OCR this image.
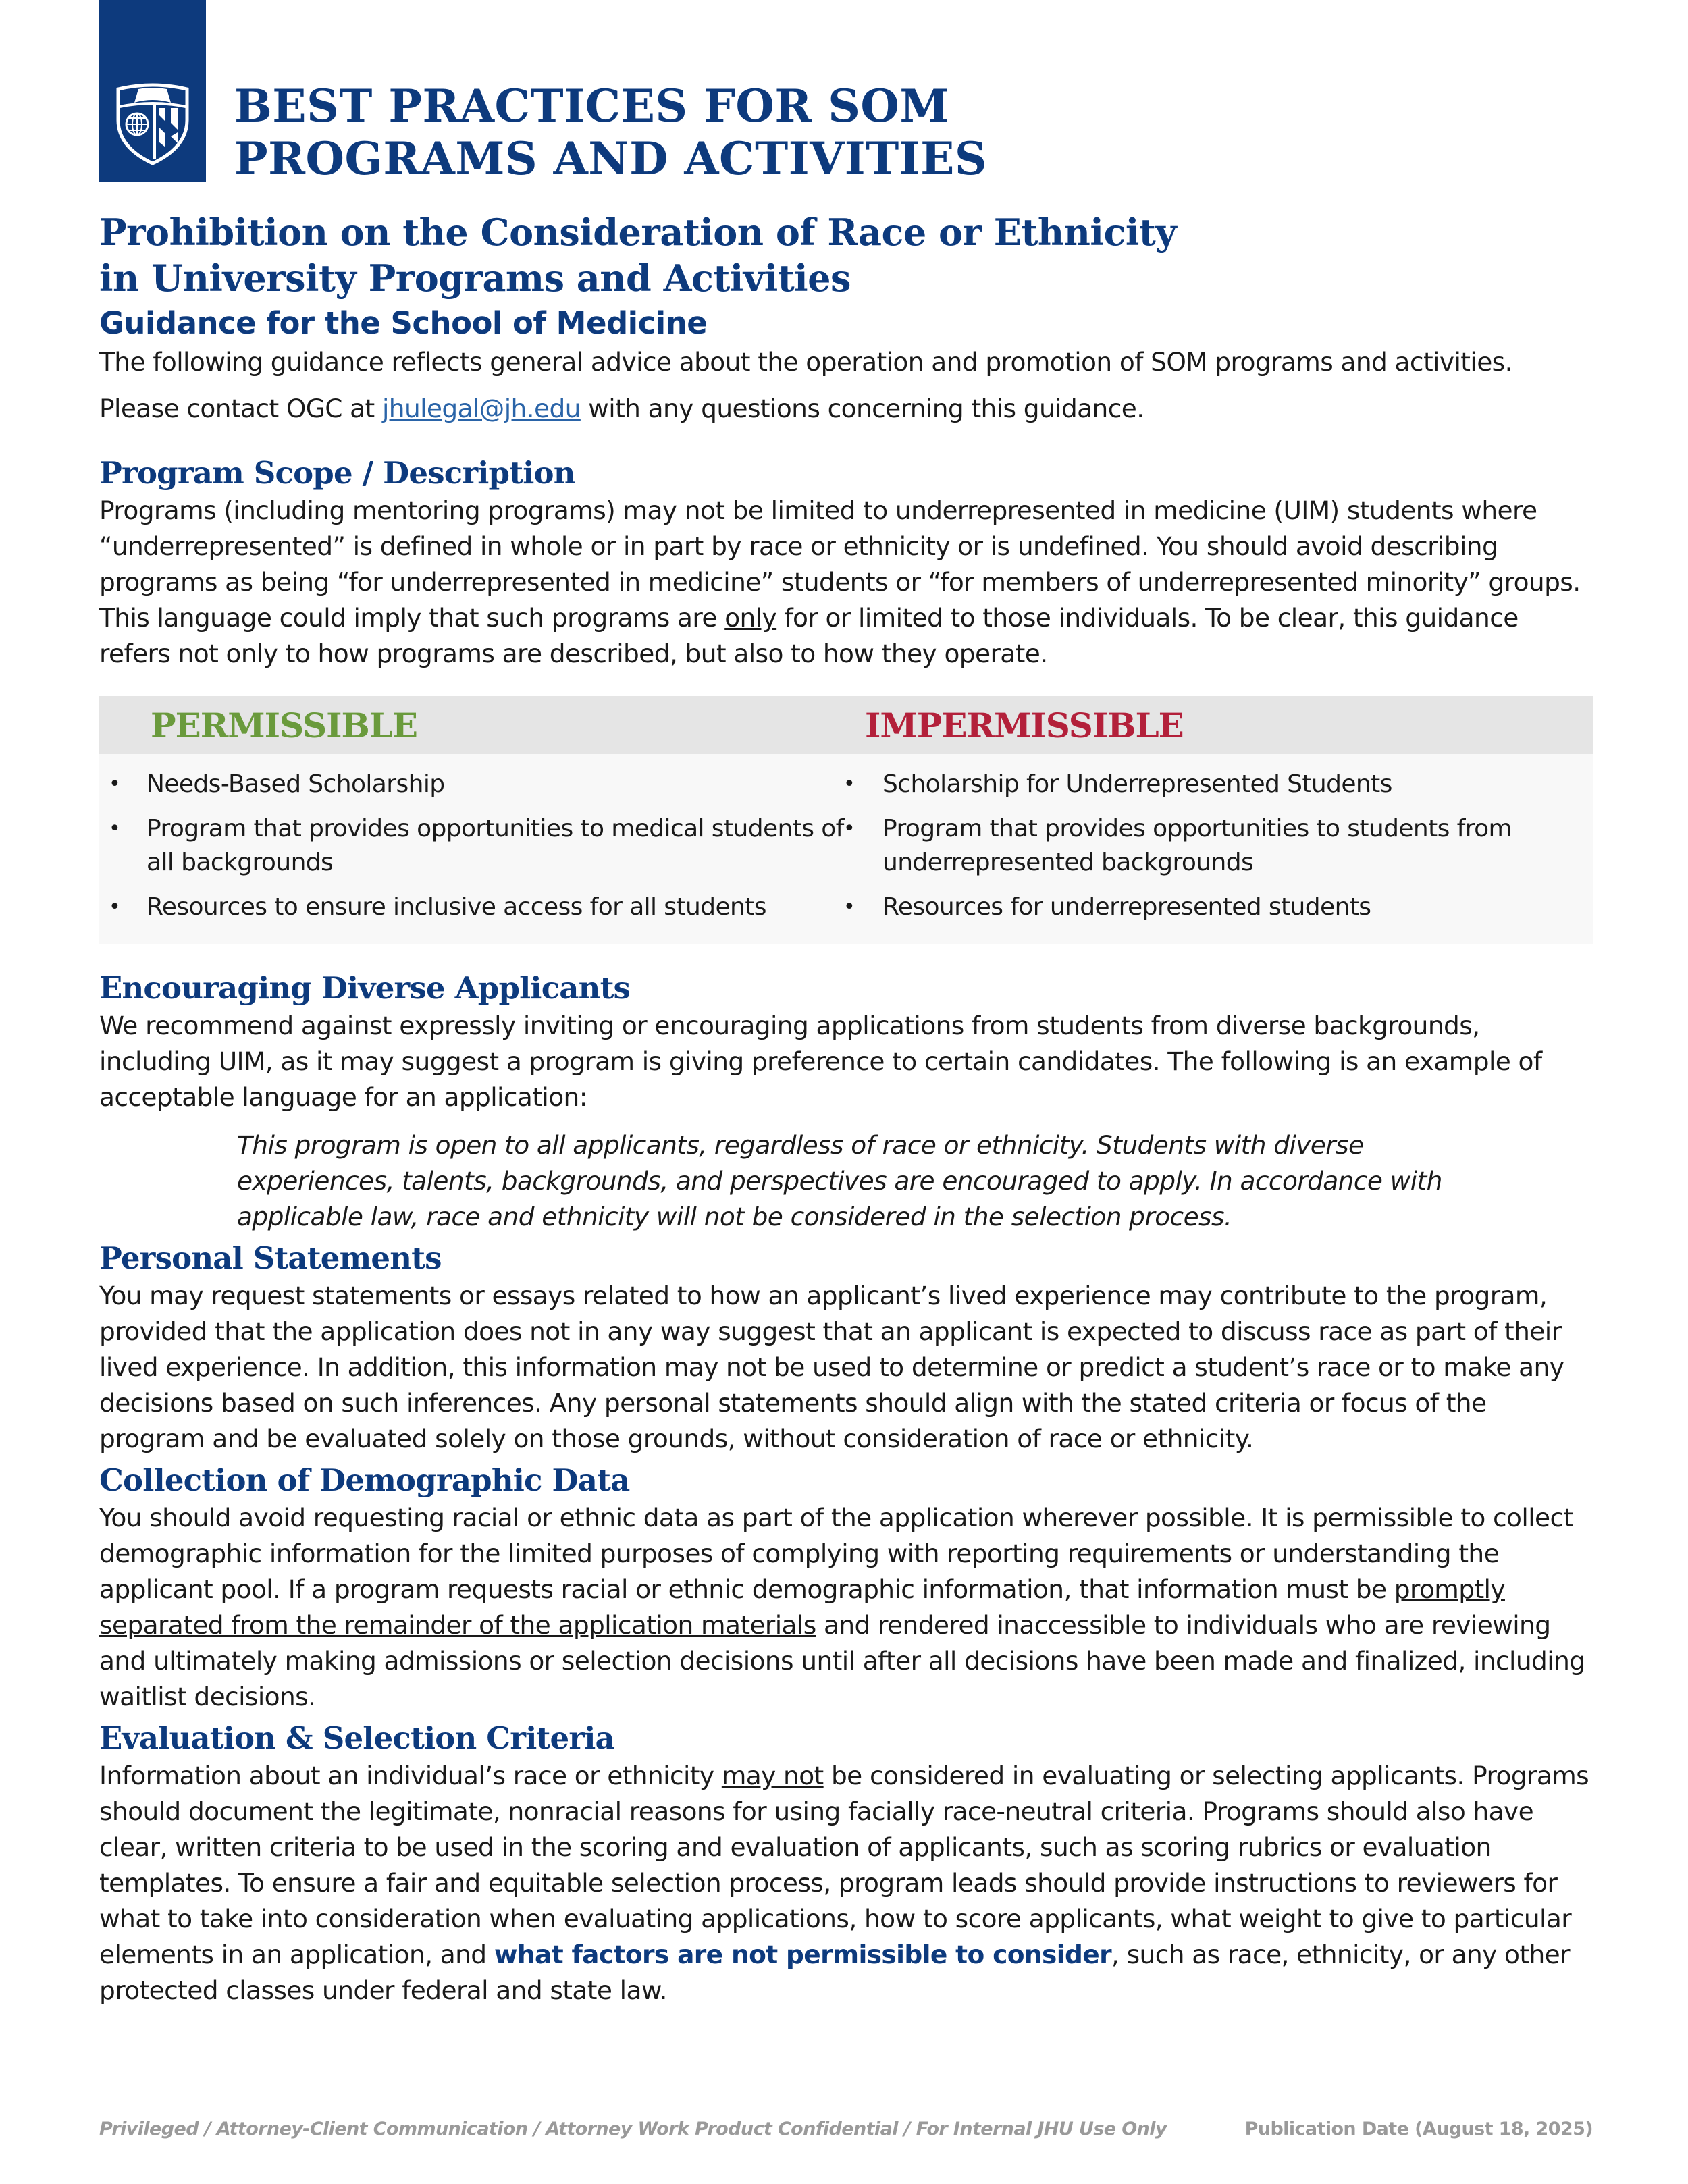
BEST PRACTICES FOR SOM
PROGRAMS AND ACTIVITIES
Prohibition on the Consideration of Race or Ethnicity
in University Programs and Activities
Guidance for the School of Medicine

The following guidance reflects general advice about the operation and promotion of SOM programs and activities.

Please contact OGC at jhulegal@jh.edu with any questions concerning this guidance.

Program Scope / Description

Programs (including mentoring programs) may not be limited to underrepresented in medicine (UIM) students where “underrepresented” is defined in whole or in part by race or ethnicity or is undefined. You should avoid describing programs as being “for underrepresented in medicine” students or “for members of underrepresented minority” groups. This language could imply that such programs are only for or limited to those individuals. To be clear, this guidance refers not only to how programs are described, but also to how they operate.

PERMISSIBLE	IMPERMISSIBLE
• Needs-Based Scholarship
• Program that provides opportunities to medical students of all backgrounds
• Resources to ensure inclusive access for all students
• Scholarship for Underrepresented Students
• Program that provides opportunities to students from underrepresented backgrounds
• Resources for underrepresented students
Encouraging Diverse Applicants

We recommend against expressly inviting or encouraging applications from students from diverse backgrounds, including UIM, as it may suggest a program is giving preference to certain candidates. The following is an example of acceptable language for an application:

This program is open to all applicants, regardless of race or ethnicity. Students with diverse experiences, talents, backgrounds, and perspectives are encouraged to apply. In accordance with applicable law, race and ethnicity will not be considered in the selection process.

Personal Statements

You may request statements or essays related to how an applicant’s lived experience may contribute to the program, provided that the application does not in any way suggest that an applicant is expected to discuss race as part of their lived experience. In addition, this information may not be used to determine or predict a student’s race or to make any decisions based on such inferences. Any personal statements should align with the stated criteria or focus of the program and be evaluated solely on those grounds, without consideration of race or ethnicity.

Collection of Demographic Data

You should avoid requesting racial or ethnic data as part of the application wherever possible. It is permissible to collect demographic information for the limited purposes of complying with reporting requirements or understanding the applicant pool. If a program requests racial or ethnic demographic information, that information must be promptly separated from the remainder of the application materials and rendered inaccessible to individuals who are reviewing and ultimately making admissions or selection decisions until after all decisions have been made and finalized, including waitlist decisions.

Evaluation & Selection Criteria

Information about an individual’s race or ethnicity may not be considered in evaluating or selecting applicants. Programs should document the legitimate, nonracial reasons for using facially race-neutral criteria. Programs should also have clear, written criteria to be used in the scoring and evaluation of applicants, such as scoring rubrics or evaluation templates. To ensure a fair and equitable selection process, program leads should provide instructions to reviewers for what to take into consideration when evaluating applications, how to score applicants, what weight to give to particular elements in an application, and what factors are not permissible to consider, such as race, ethnicity, or any other protected classes under federal and state law.

Privileged / Attorney-Client Communication / Attorney Work Product Confidential / For Internal JHU Use Only	Publication Date (August 18, 2025)
